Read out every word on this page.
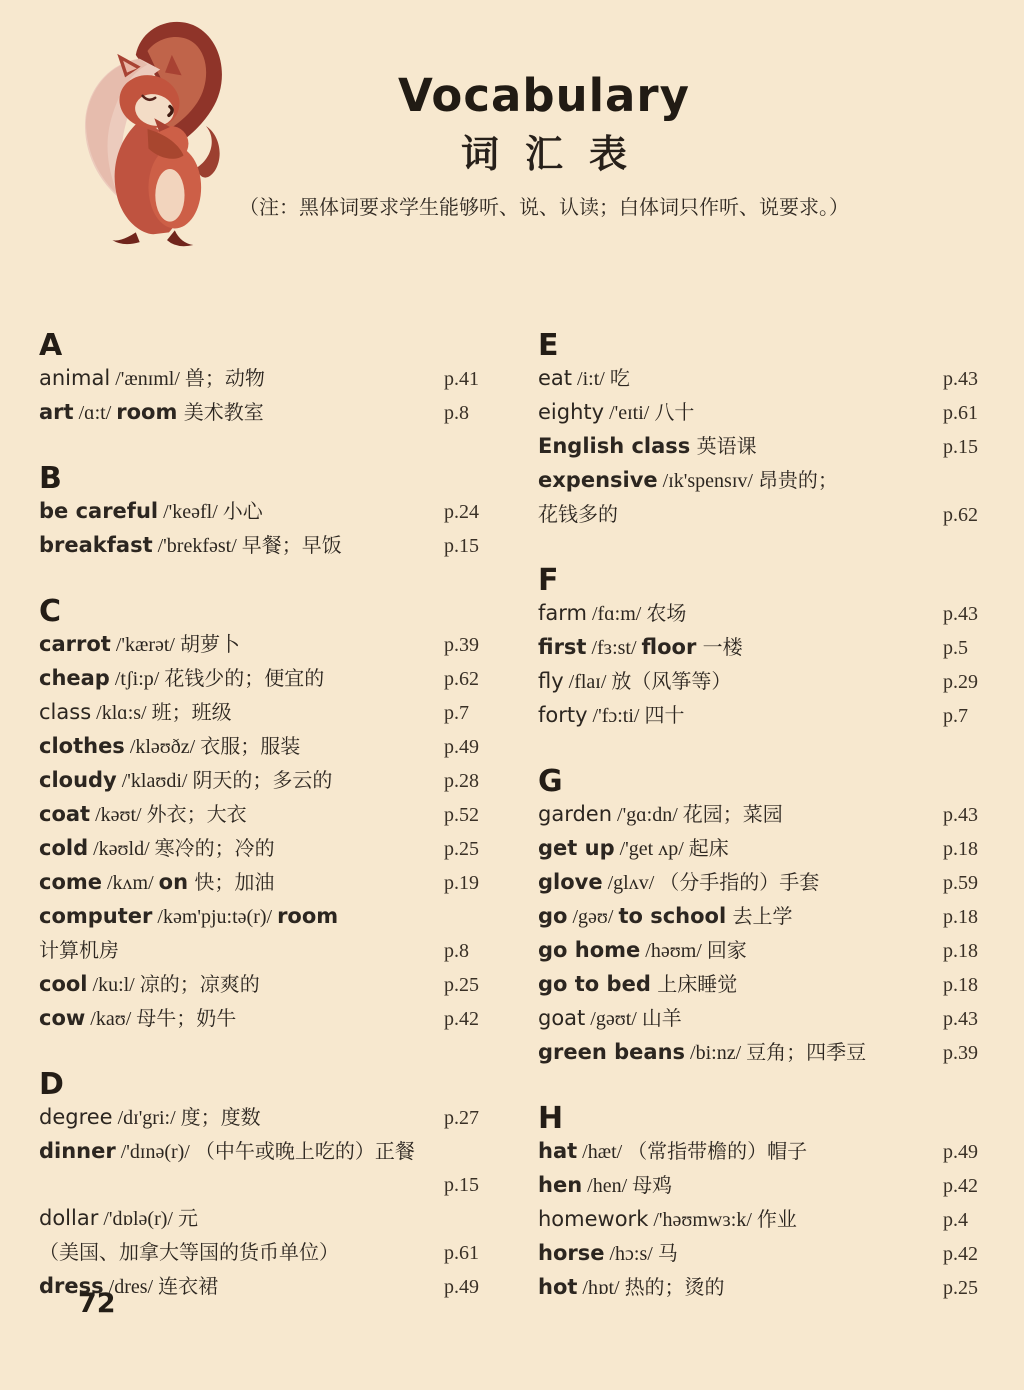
Vocabulary
词汇表
（注：黑体词要求学生能够听、说、认读；白体词只作听、说要求。）
A
animal /'ænɪml/ 兽；动物	p.41
art /ɑ:t/ room 美术教室	p.8
B
be careful /'keəfl/ 小心	p.24
breakfast /'brekfəst/ 早餐；早饭	p.15
C
carrot /'kærət/ 胡萝卜	p.39
cheap /tʃi:p/ 花钱少的；便宜的	p.62
class /klɑ:s/ 班；班级	p.7
clothes /kləʊðz/ 衣服；服装	p.49
cloudy /'klaʊdi/ 阴天的；多云的	p.28
coat /kəʊt/ 外衣；大衣	p.52
cold /kəʊld/ 寒冷的；冷的	p.25
come /kʌm/ on 快；加油	p.19
computer /kəm'pju:tə(r)/ room
计算机房	p.8
cool /ku:l/ 凉的；凉爽的	p.25
cow /kaʊ/ 母牛；奶牛	p.42
D
degree /dɪ'gri:/ 度；度数	p.27
dinner /'dɪnə(r)/ （中午或晚上吃的）正餐
p.15
dollar /'dɒlə(r)/ 元
（美国、加拿大等国的货币单位）	p.61
dress /dres/ 连衣裙	p.49
E
eat /i:t/ 吃	p.43
eighty /'eɪti/ 八十	p.61
English class 英语课	p.15
expensive /ɪk'spensɪv/ 昂贵的；
花钱多的	p.62
F
farm /fɑ:m/ 农场	p.43
first /fɜ:st/ floor 一楼	p.5
fly /flaɪ/ 放（风筝等）	p.29
forty /'fɔ:ti/ 四十	p.7
G
garden /'gɑ:dn/ 花园；菜园	p.43
get up /'get ʌp/ 起床	p.18
glove /glʌv/ （分手指的）手套	p.59
go /gəʊ/ to school 去上学	p.18
go home /həʊm/ 回家	p.18
go to bed 上床睡觉	p.18
goat /gəʊt/ 山羊	p.43
green beans /bi:nz/ 豆角；四季豆	p.39
H
hat /hæt/ （常指带檐的）帽子	p.49
hen /hen/ 母鸡	p.42
homework /'həʊmwɜ:k/ 作业	p.4
horse /hɔ:s/ 马	p.42
hot /hɒt/ 热的；烫的	p.25
72
